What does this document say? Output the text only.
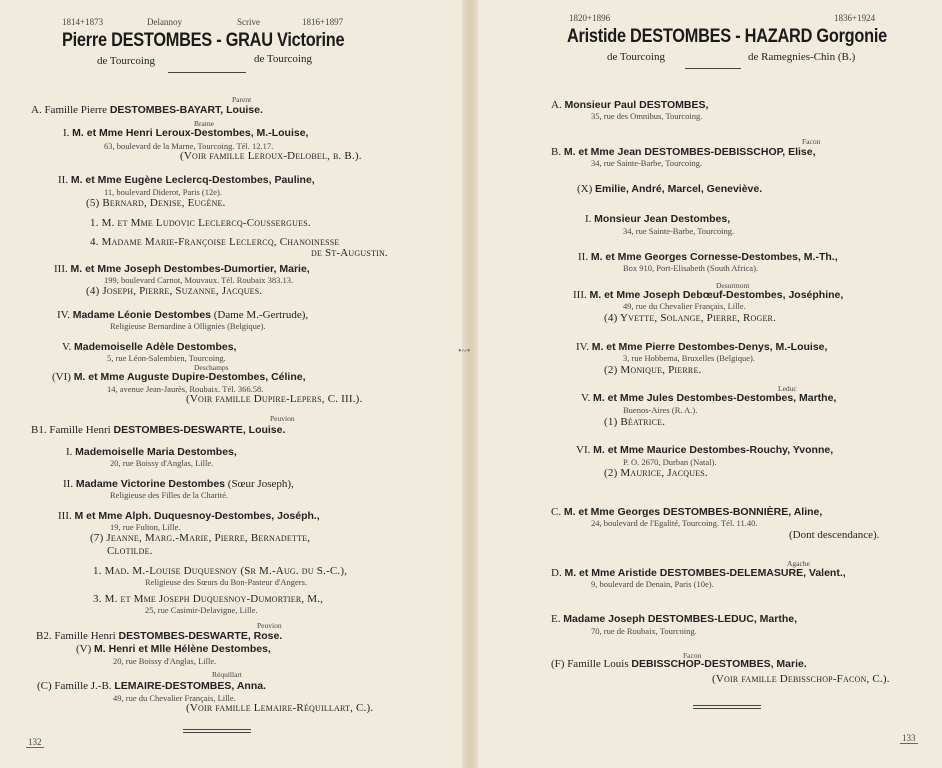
•~•
1814+1873	Delannoy	Scrive	1816+1897
Pierre DESTOMBES - GRAU Victorine
de Tourcoing	de Tourcoing
1820+1896	1836+1924
Aristide DESTOMBES - HAZARD Gorgonie
de Tourcoing	de Ramegnies-Chin (B.)
Parent
A. Famille Pierre DESTOMBES-BAYART, Louise.
Brame
I. M. et Mme Henri Leroux-Destombes, M.-Louise,
63, boulevard de la Marne, Tourcoing. Tél. 12.17.
(Voir famille Leroux-Delobel, b. B.).
II. M. et Mme Eugène Leclercq-Destombes, Pauline,
11, boulevard Diderot, Paris (12e).
(5) Bernard, Denise, Eugène.
1. M. et Mme Ludovic Leclercq-Coussergues.
4. Madame Marie-Françoise Leclercq, Chanoinesse
de St-Augustin.
III. M. et Mme Joseph Destombes-Dumortier, Marie,
199, boulevard Carnot, Mouvaux. Tél. Roubaix 383.13.
(4) Joseph, Pierre, Suzanne, Jacques.
IV. Madame Léonie Destombes (Dame M.-Gertrude),
Religieuse Bernardine à Ollignies (Belgique).
V. Mademoiselle Adèle Destombes,
5, rue Léon-Salembien, Tourcoing.
Deschamps
(VI) M. et Mme Auguste Dupire-Destombes, Céline,
14, avenue Jean-Jaurès, Roubaix. Tél. 366.58.
(Voir famille Dupire-Lepers, C. III.).
Peuvion
B1. Famille Henri DESTOMBES-DESWARTE, Louise.
I. Mademoiselle Maria Destombes,
20, rue Boissy d'Anglas, Lille.
II. Madame Victorine Destombes (Sœur Joseph),
Religieuse des Filles de la Charité.
III. M et Mme Alph. Duquesnoy-Destombes, Joséph.,
19, rue Fulton, Lille.
(7) Jeanne, Marg.-Marie, Pierre, Bernadette,
Clotilde.
1. Mad. M.-Louise Duquesnoy (Sr M.-Aug. du S.-C.),
Religieuse des Sœurs du Bon-Pasteur d'Angers.
3. M. et Mme Joseph Duquesnoy-Dumortier, M.,
25, rue Casimir-Delavigne, Lille.
Peuvion
B2. Famille Henri DESTOMBES-DESWARTE, Rose.
(V) M. Henri et Mlle Hélène Destombes,
20, rue Boissy d'Anglas, Lille.
Réquillart
(C) Famille J.-B. LEMAIRE-DESTOMBES, Anna.
49, rue du Chevalier Français, Lille.
(Voir famille Lemaire-Réquillart, C.).
132
A. Monsieur Paul DESTOMBES,
35, rue des Omnibus, Tourcoing.
Facon
B. M. et Mme Jean DESTOMBES-DEBISSCHOP, Elise,
34, rue Sainte-Barbe, Tourcoing.
(X) Emilie, André, Marcel, Geneviève.
I. Monsieur Jean Destombes,
34, rue Sainte-Barbe, Tourcoing.
II. M. et Mme Georges Cornesse-Destombes, M.-Th.,
Box 910, Port-Elisabeth (South Africa).
Desurmont
III. M. et Mme Joseph Debœuf-Destombes, Joséphine,
49, rue du Chevalier Français, Lille.
(4) Yvette, Solange, Pierre, Roger.
IV. M. et Mme Pierre Destombes-Denys, M.-Louise,
3, rue Hobbema, Bruxelles (Belgique).
(2) Monique, Pierre.
Leduc
V. M. et Mme Jules Destombes-Destombes, Marthe,
Buenos-Aires (R. A.).
(1) Béatrice.
VI. M. et Mme Maurice Destombes-Rouchy, Yvonne,
P. O. 2670, Durban (Natal).
(2) Maurice, Jacques.
C. M. et Mme Georges DESTOMBES-BONNIÈRE, Aline,
24, boulevard de l'Egalité, Tourcoing. Tél. 11.40.
(Dont descendance).
Agache
D. M. et Mme Aristide DESTOMBES-DELEMASURE, Valent.,
9, boulevard de Denain, Paris (10e).
E. Madame Joseph DESTOMBES-LEDUC, Marthe,
70, rue de Roubaix, Tourcoing.
Facon
(F) Famille Louis DEBISSCHOP-DESTOMBES, Marie.
(Voir famille Debisschop-Facon, C.).
133
